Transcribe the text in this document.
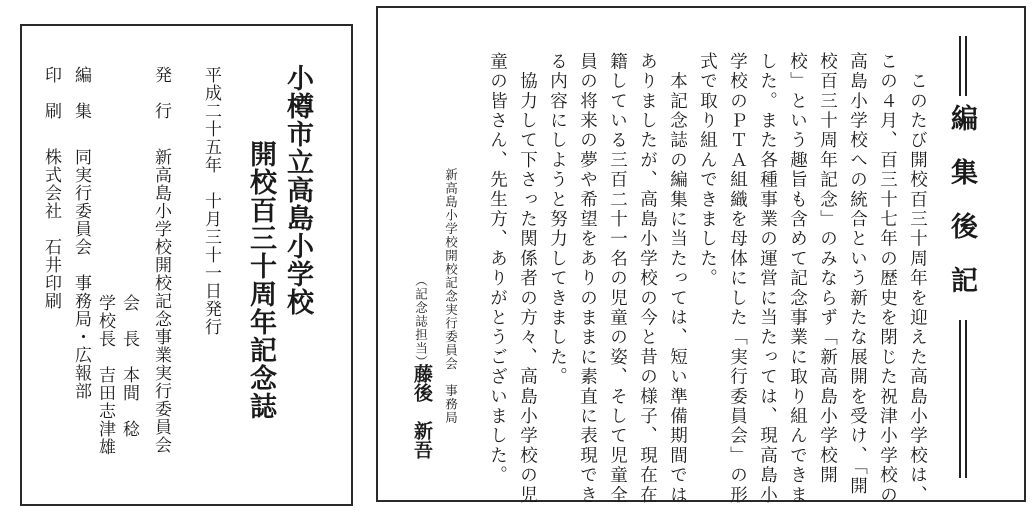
小樽市立高島小学校
開校百三十周年記念誌
平成二十五年　十月三十一日発行
発　行
新高島小学校開校記念事業実行委員会
会　長　本間　稔
学校長　吉田志津雄
編　集
同実行委員会　事務局・広報部
印　刷
株式会社　石井印刷	編　集　後　記
　このたび開校百三十周年を迎えた高島小学校は、
この４月、百三十七年の歴史を閉じた祝津小学校の
高島小学校への統合という新たな展開を受け、「開
校百三十周年記念」のみならず「新高島小学校開
校」という趣旨も含めて記念事業に取り組んできま
した。また各種事業の運営に当たっては、現高島小
学校のＰＴＡ組織を母体にした「実行委員会」の形
式で取り組んできました。
　本記念誌の編集に当たっては、短い準備期間では
ありましたが、高島小学校の今と昔の様子、現在在
籍している三百二十一名の児童の姿、そして児童全
員の将来の夢や希望をありのままに素直に表現でき
る内容にしようと努力してきました。
　協力して下さった関係者の方々、高島小学校の児
童の皆さん、先生方、ありがとうございました。
新高島小学校開校記念実行委員会　事務局
（記念誌担当）
藤後　新吾
